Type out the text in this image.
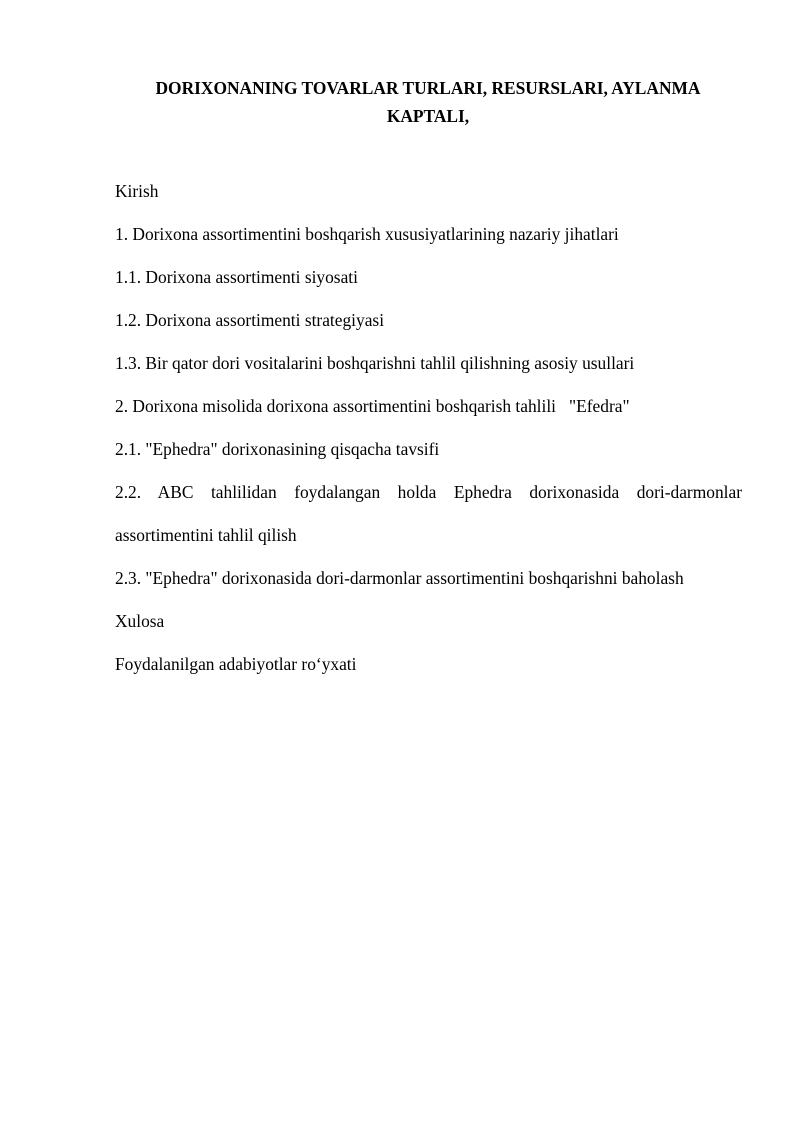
DORIXONANING TOVARLAR TURLARI, RESURSLARI, AYLANMA
KAPTALI,

Kirish

1. Dorixona assortimentini boshqarish xususiyatlarining nazariy jihatlari

1.1. Dorixona assortimenti siyosati

1.2. Dorixona assortimenti strategiyasi

1.3. Bir qator dori vositalarini boshqarishni tahlil qilishning asosiy usullari

2. Dorixona misolida dorixona assortimentini boshqarish tahlili   "Efedra"

2.1. "Ephedra" dorixonasining qisqacha tavsifi

2.2. ABC tahlilidan foydalangan holda Ephedra dorixonasida dori-darmonlar

assortimentini tahlil qilish

2.3. "Ephedra" dorixonasida dori-darmonlar assortimentini boshqarishni baholash

Xulosa

Foydalanilgan adabiyotlar ro‘yxati
